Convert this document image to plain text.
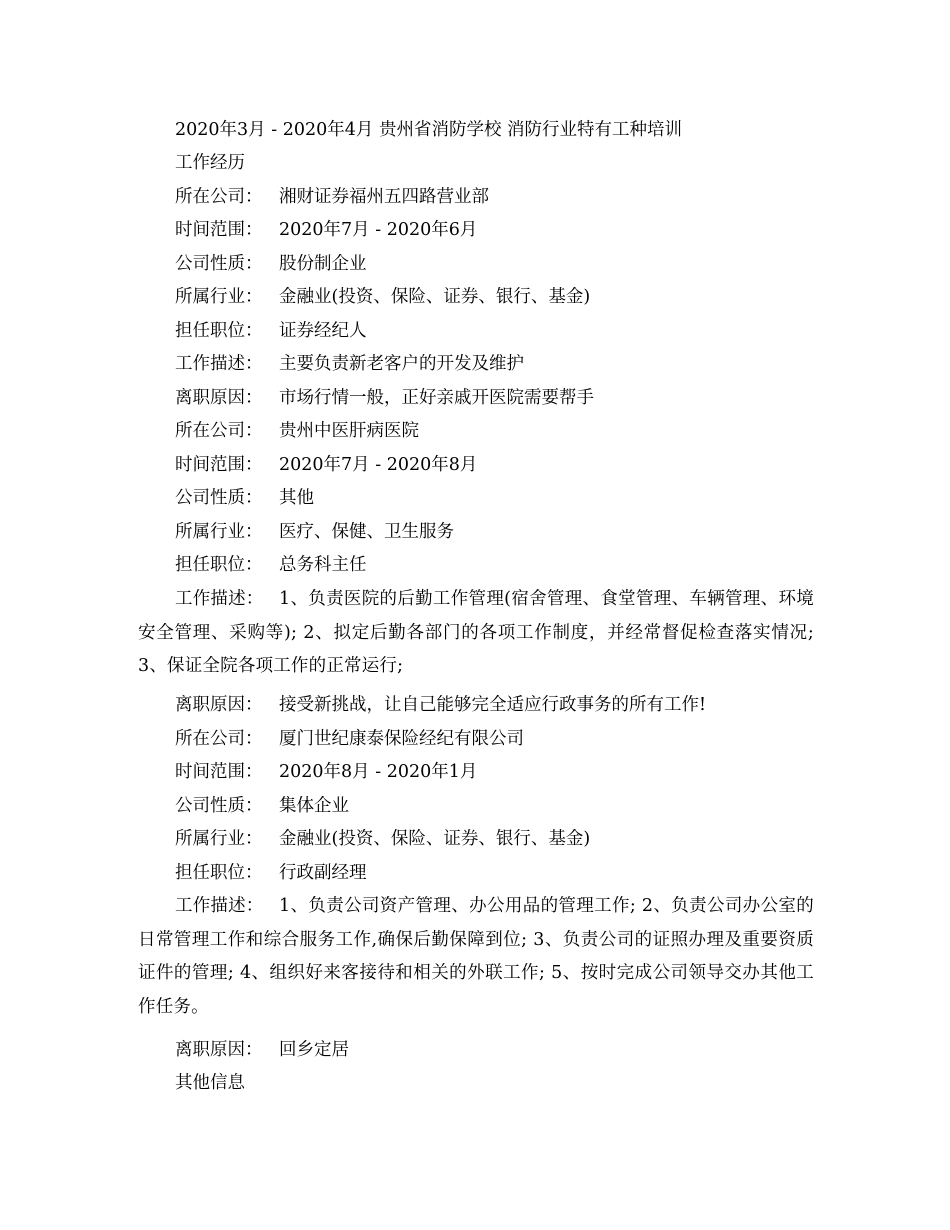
2020年3月 - 2020年4月 贵州省消防学校 消防行业特有工种培训
工作经历
所在公司： 湘财证券福州五四路营业部
时间范围： 2020年7月 - 2020年6月
公司性质： 股份制企业
所属行业： 金融业(投资、保险、证券、银行、基金)
担任职位： 证券经纪人
工作描述： 主要负责新老客户的开发及维护
离职原因： 市场行情一般，正好亲戚开医院需要帮手
所在公司： 贵州中医肝病医院
时间范围： 2020年7月 - 2020年8月
公司性质： 其他
所属行业： 医疗、保健、卫生服务
担任职位： 总务科主任
工作描述： 1、负责医院的后勤工作管理(宿舍管理、食堂管理、车辆管理、环境安全管理、采购等); 2、拟定后勤各部门的各项工作制度，并经常督促检查落实情况; 3、保证全院各项工作的正常运行;
离职原因： 接受新挑战，让自己能够完全适应行政事务的所有工作!
所在公司： 厦门世纪康泰保险经纪有限公司
时间范围： 2020年8月 - 2020年1月
公司性质： 集体企业
所属行业： 金融业(投资、保险、证券、银行、基金)
担任职位： 行政副经理
工作描述： 1、负责公司资产管理、办公用品的管理工作; 2、负责公司办公室的日常管理工作和综合服务工作,确保后勤保障到位; 3、负责公司的证照办理及重要资质证件的管理; 4、组织好来客接待和相关的外联工作; 5、按时完成公司领导交办其他工作任务。
离职原因： 回乡定居
其他信息
